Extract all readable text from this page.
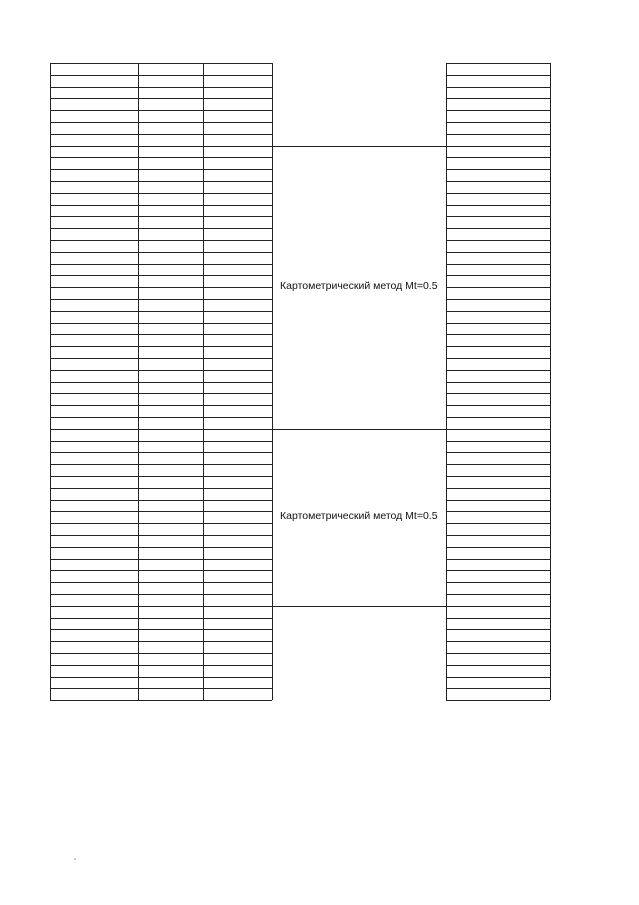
Картометрический метод Mt=0.5
Картометрический метод Mt=0.5
